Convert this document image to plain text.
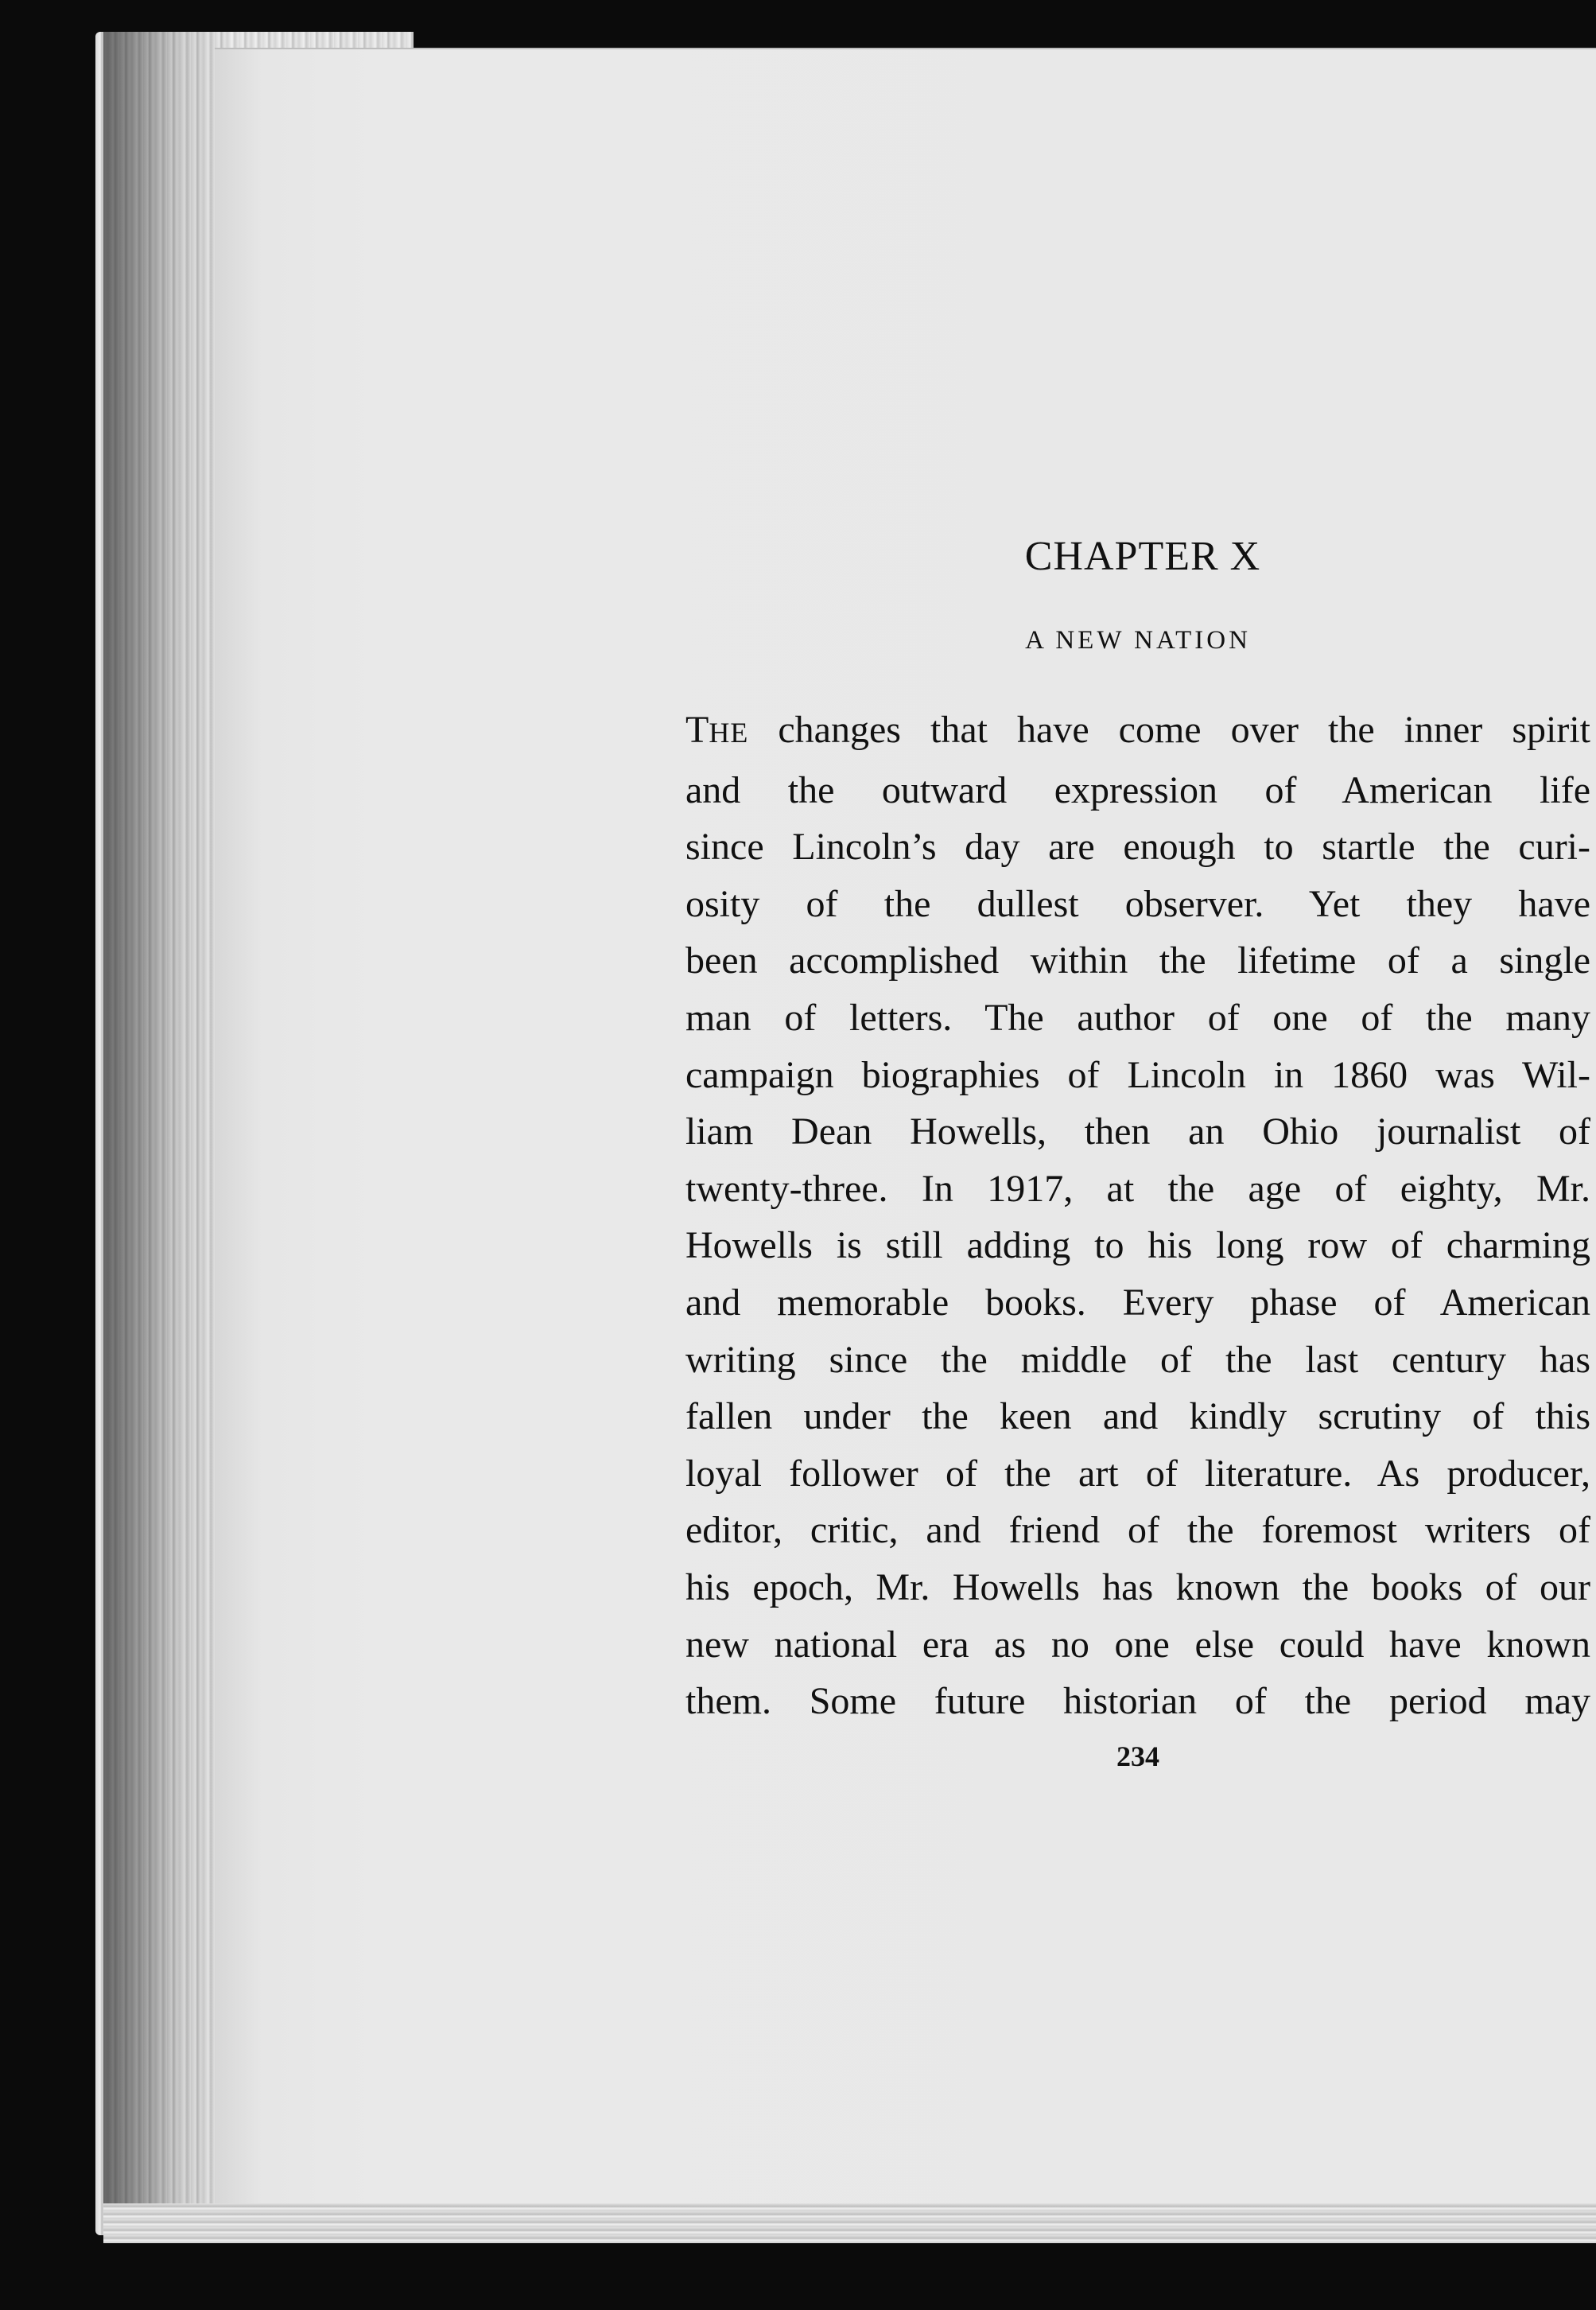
CHAPTER X
A NEW NATION
THE changes that have come over the inner spirit
and the outward expression of American life
since Lincoln’s day are enough to startle the curi-
osity of the dullest observer. Yet they have
been accomplished within the lifetime of a single
man of letters. The author of one of the many
campaign biographies of Lincoln in 1860 was Wil-
liam Dean Howells, then an Ohio journalist of
twenty-three. In 1917, at the age of eighty, Mr.
Howells is still adding to his long row of charming
and memorable books. Every phase of American
writing since the middle of the last century has
fallen under the keen and kindly scrutiny of this
loyal follower of the art of literature. As producer,
editor, critic, and friend of the foremost writers of
his epoch, Mr. Howells has known the books of our
new national era as no one else could have known
them. Some future historian of the period may
234
